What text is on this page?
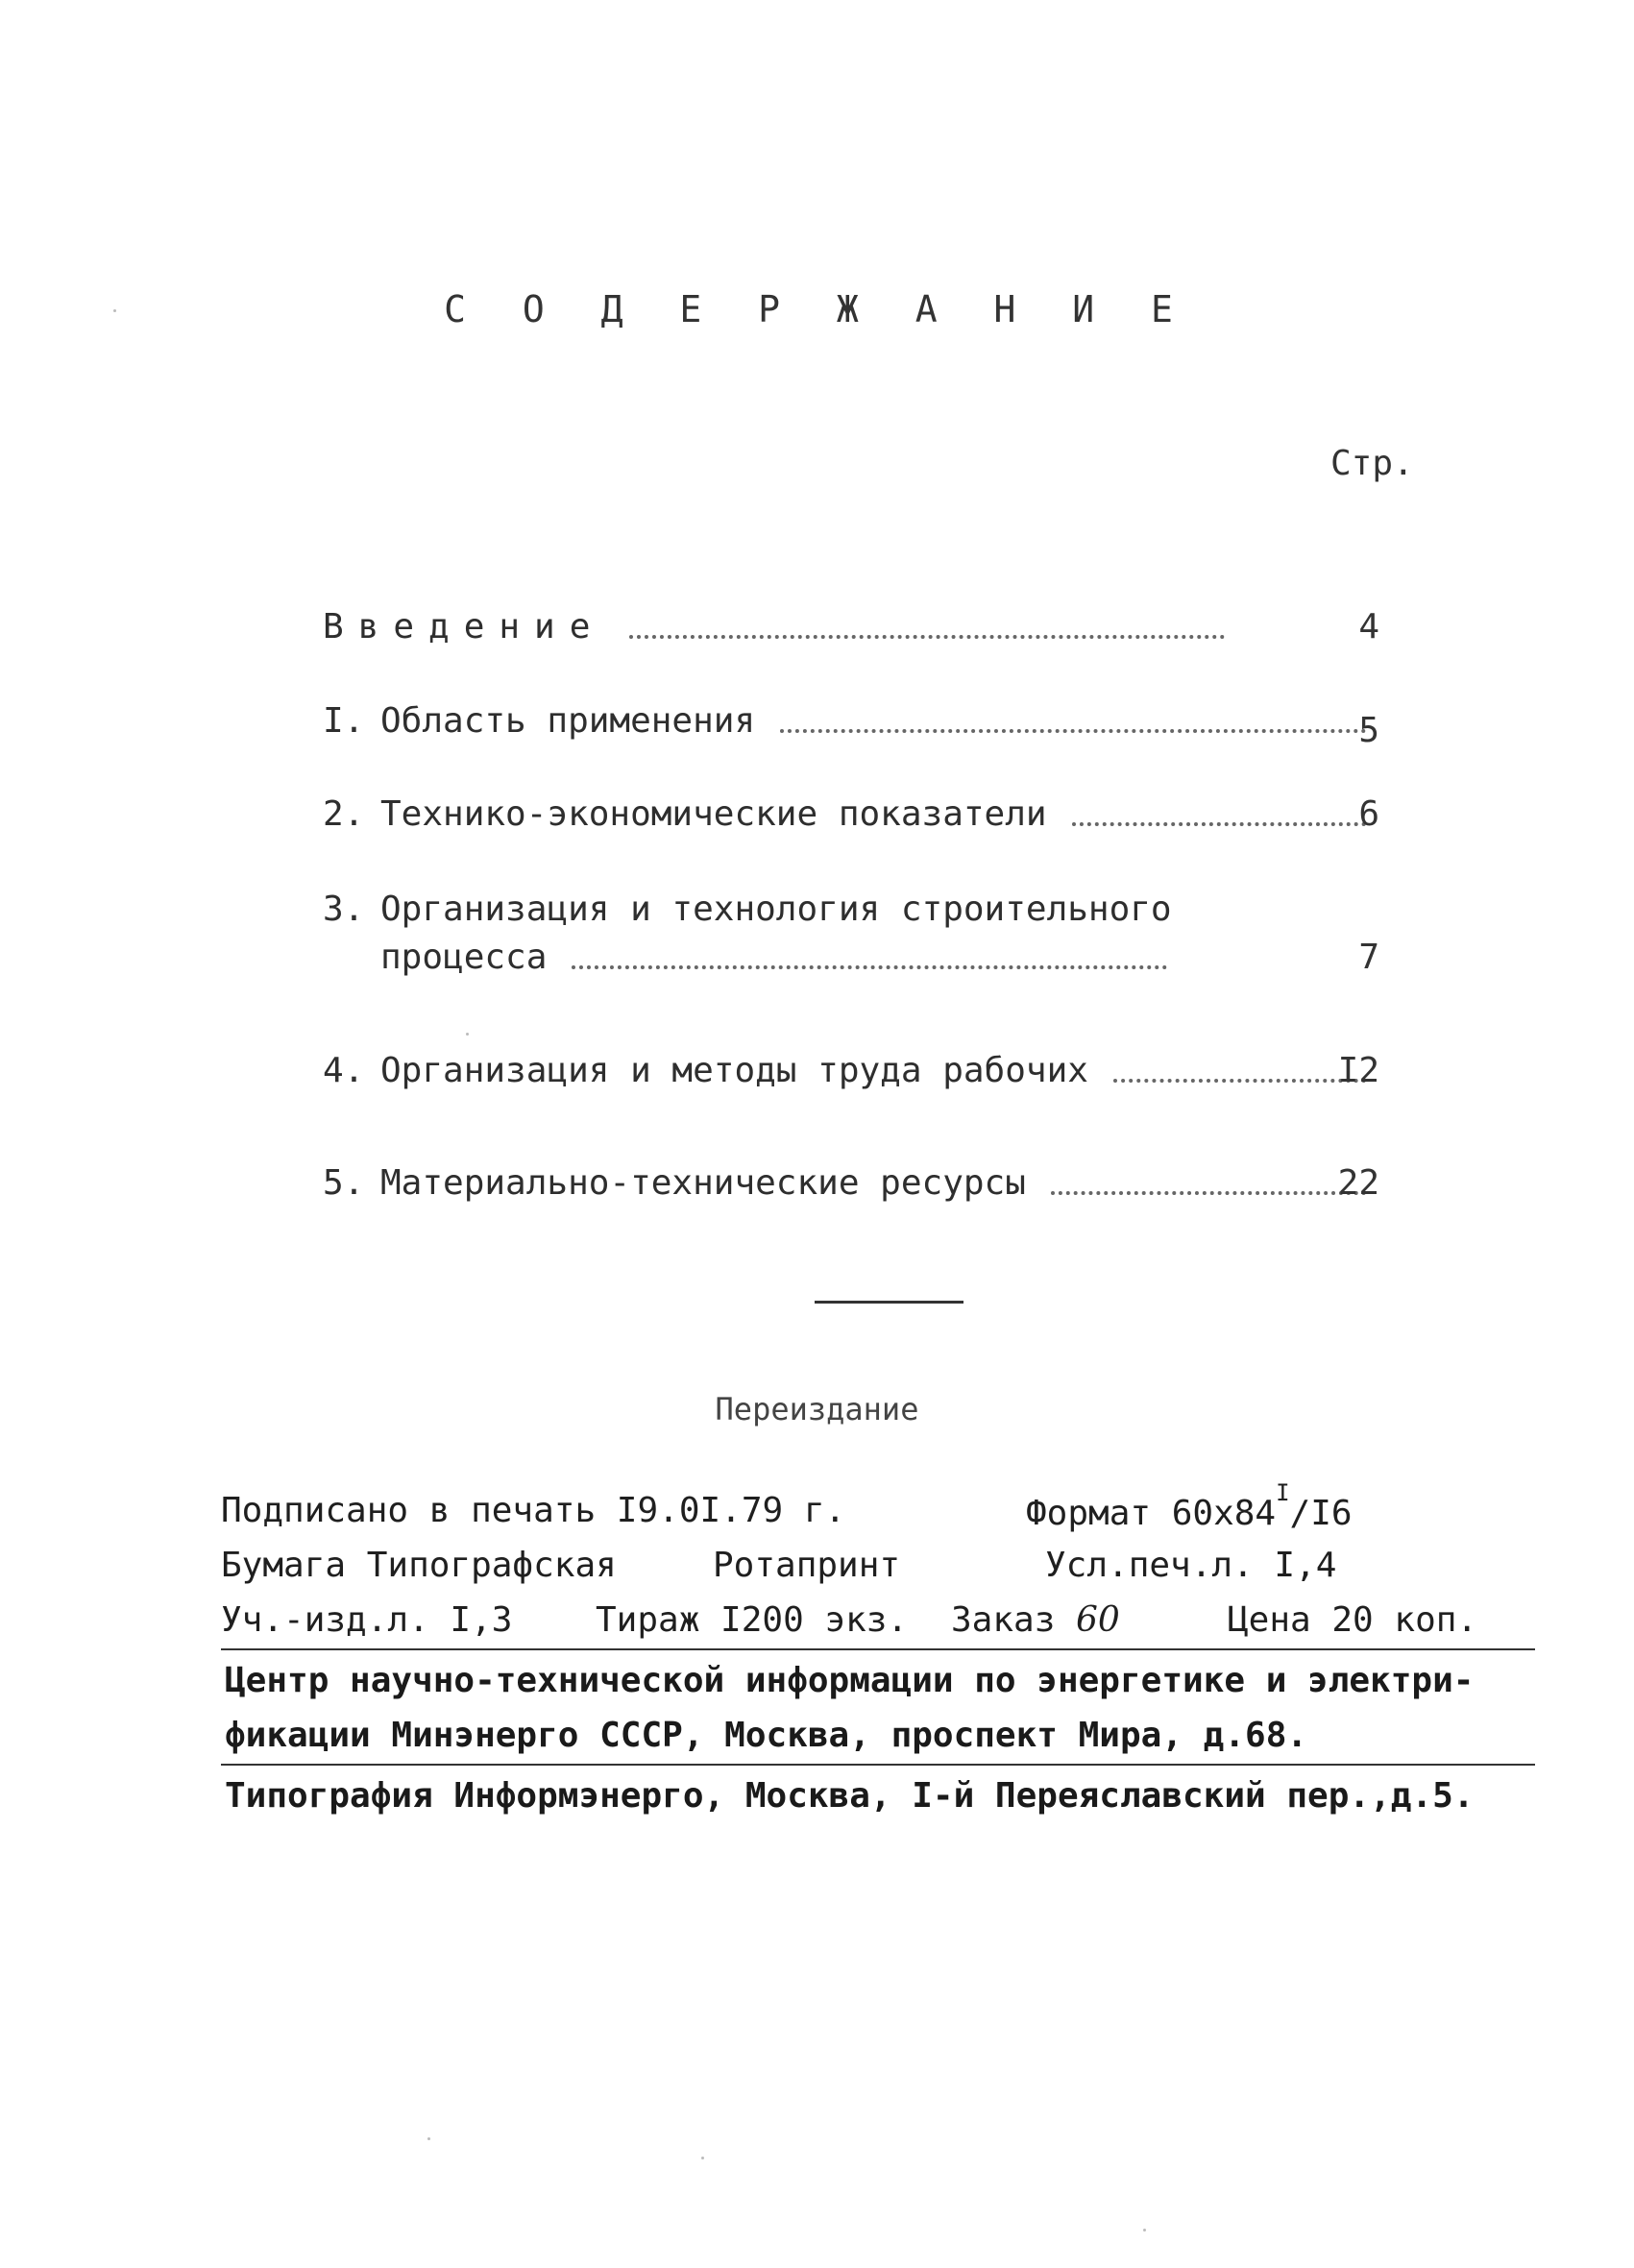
С О Д Е Р Ж А Н И Е
Стр.
Введение	4
I. Область применения	5
2. Технико-экономические показатели	6
3. Организация и технология строительного
процесса	7
4. Организация и методы труда рабочих	I2
5. Материально-технические ресурсы	22
Переиздание
Подписано в печать I9.0I.79 г.	Формат $60х84^I/I6$
Бумага Типографская	Ротапринт	Усл.печ.л. I,4
Уч.-изд.л. I,3 Тираж I200 экз. Заказ 60	Цена 20 коп.
Центр научно-технической информации по энергетике и электри-
фикации Минэнерго СССР, Москва, проспект Мира, д.68.
Типография Информэнерго, Москва, I-й Переяславский пер.,д.5.
